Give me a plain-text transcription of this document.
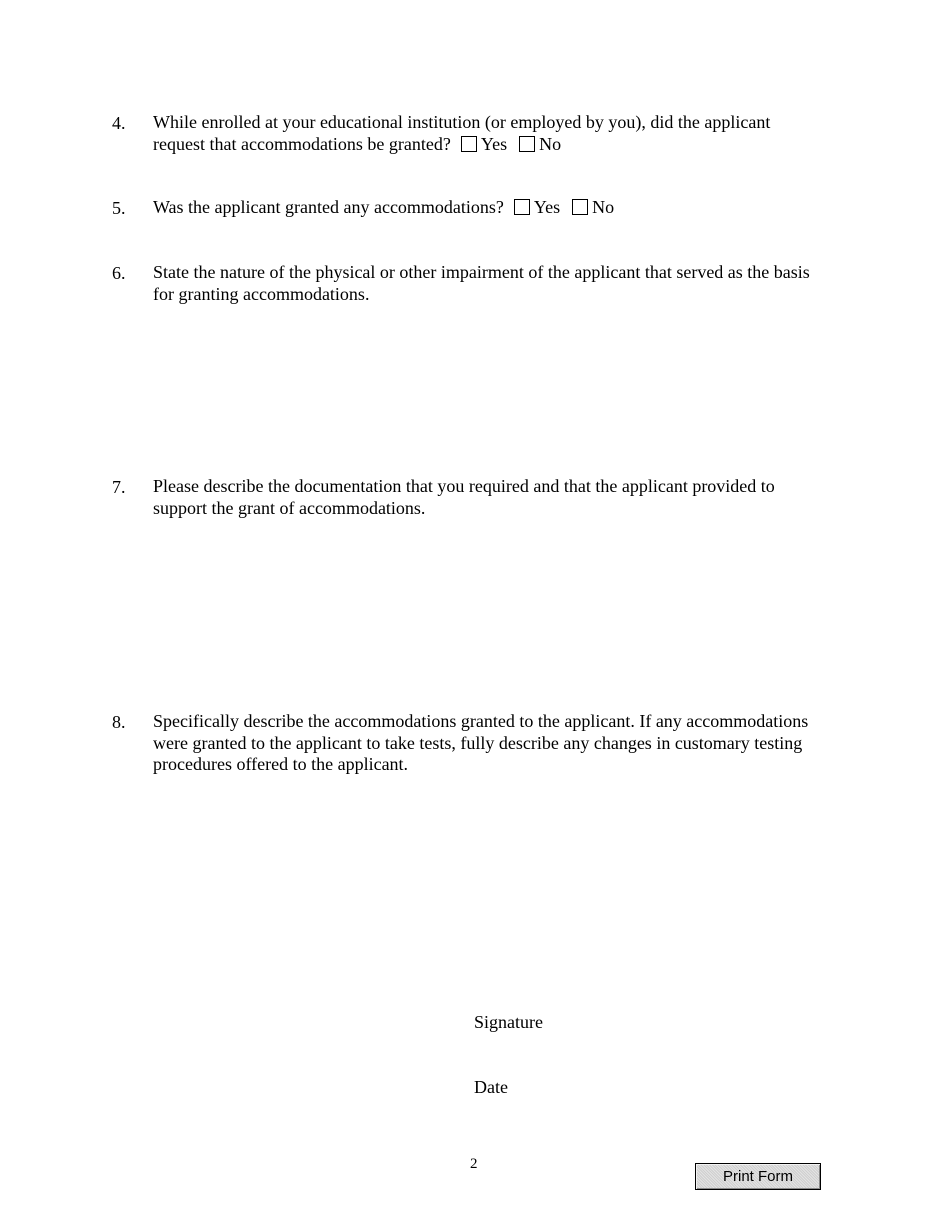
4. While enrolled at your educational institution (or employed by you), did the applicant
request that accommodations be granted? Yes No
5. Was the applicant granted any accommodations? Yes No
6. State the nature of the physical or other impairment of the applicant that served as the basis
for granting accommodations.
7. Please describe the documentation that you required and that the applicant provided to
support the grant of accommodations.
8. Specifically describe the accommodations granted to the applicant. If any accommodations
were granted to the applicant to take tests, fully describe any changes in customary testing
procedures offered to the applicant.
Signature
Date
2
Print Form
